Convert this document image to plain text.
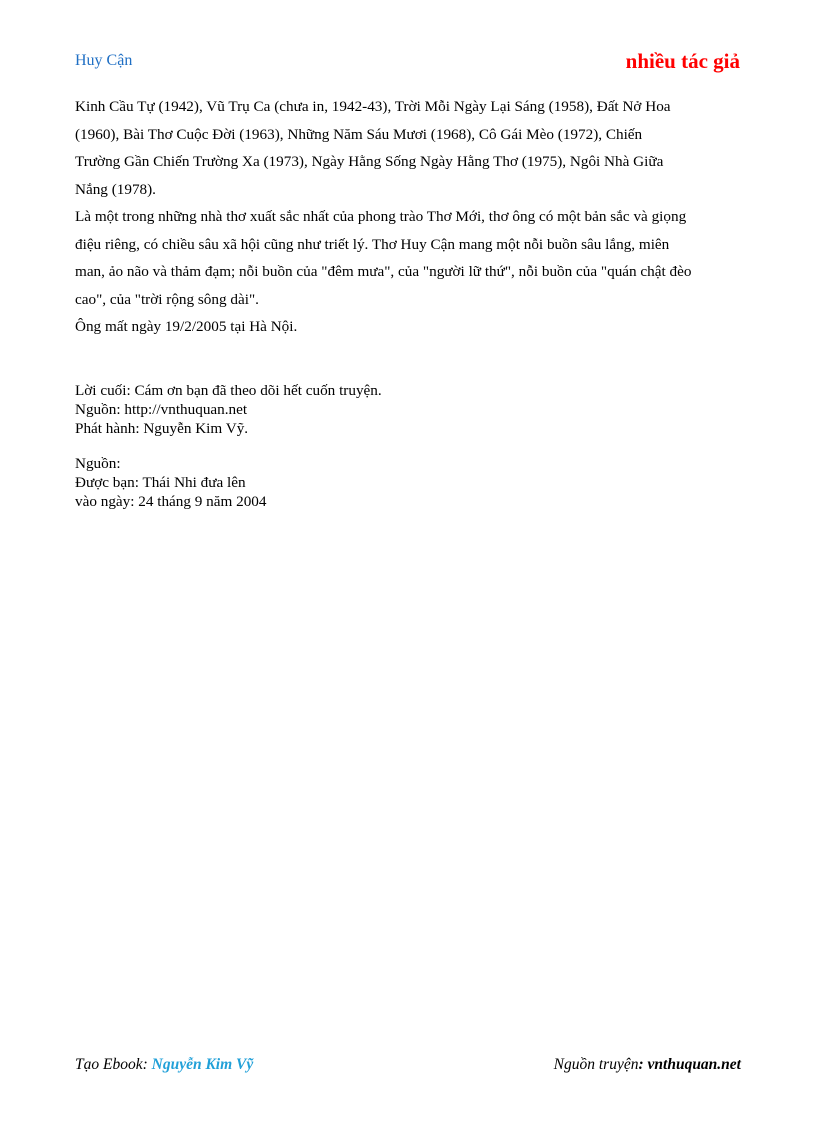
Huy Cận	nhiều tác giả

Kinh Cầu Tự (1942), Vũ Trụ Ca (chưa in, 1942-43), Trời Mỗi Ngày Lại Sáng (1958), Đất Nở Hoa

(1960), Bài Thơ Cuộc Đời (1963), Những Năm Sáu Mươi (1968), Cô Gái Mèo (1972), Chiến

Trường Gần Chiến Trường Xa (1973), Ngày Hằng Sống Ngày Hằng Thơ (1975), Ngôi Nhà Giữa

Nắng (1978).

Là một trong những nhà thơ xuất sắc nhất của phong trào Thơ Mới, thơ ông có một bản sắc và giọng

điệu riêng, có chiều sâu xã hội cũng như triết lý. Thơ Huy Cận mang một nỗi buồn sâu lắng, miên

man, ảo não và thảm đạm; nỗi buồn của "đêm mưa", của "người lữ thứ", nỗi buồn của "quán chật đèo

cao", của "trời rộng sông dài".

Ông mất ngày 19/2/2005 tại Hà Nội.

Lời cuối: Cám ơn bạn đã theo dõi hết cuốn truyện.

Nguồn: http://vnthuquan.net

Phát hành: Nguyễn Kim Vỹ.

Nguồn:

Được bạn: Thái Nhi đưa lên

vào ngày: 24 tháng 9 năm 2004

Tạo Ebook: Nguyễn Kim Vỹ	Nguồn truyện: vnthuquan.net
